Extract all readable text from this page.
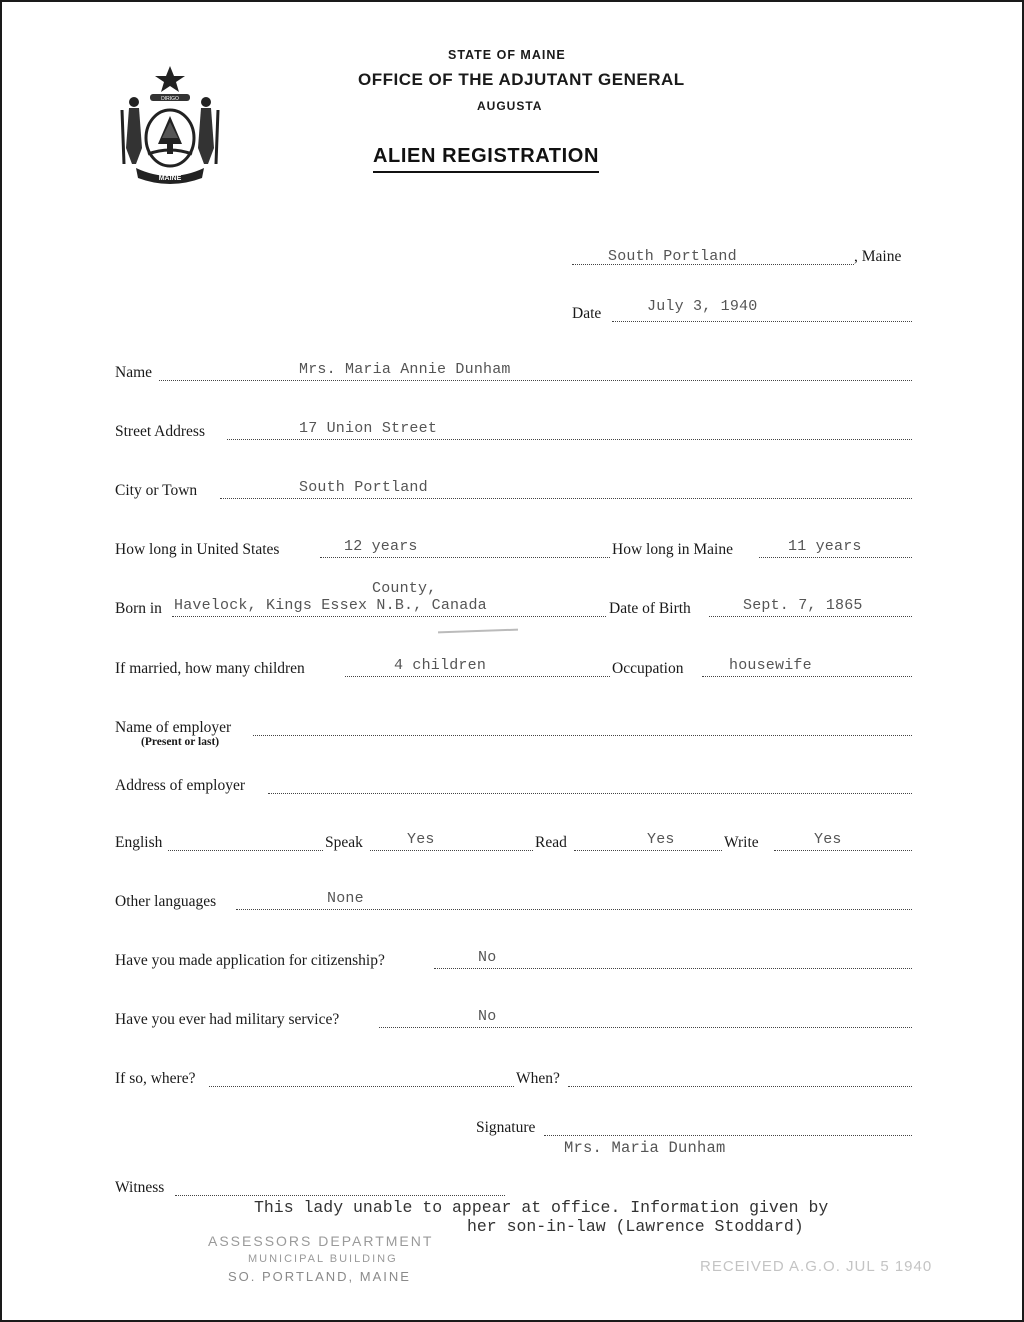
DIRIGO
MAINE
STATE OF MAINE
OFFICE OF THE ADJUTANT GENERAL
AUGUSTA
ALIEN REGISTRATION
South Portland	, Maine
Date	July 3, 1940
Name	Mrs. Maria Annie Dunham
Street Address	17 Union Street
City or Town	South Portland
How long in United States	12 years	How long in Maine	11 years
County,
Born in Havelock, Kings Essex N.B., Canada	Date of Birth	Sept. 7, 1865
If married, how many children	4 children	Occupation	housewife
Name of employer
(Present or last)
Address of employer
English	Speak	Yes	Read	Yes	Write	Yes
Other languages	None
Have you made application for citizenship?	No
Have you ever had military service?	No
If so, where?	When?
Signature
Mrs. Maria Dunham
Witness
This lady unable to appear at office. Information given by
her son-in-law (Lawrence Stoddard)
ASSESSORS DEPARTMENT
MUNICIPAL BUILDING
SO. PORTLAND, MAINE
RECEIVED A.G.O. JUL 5 1940
